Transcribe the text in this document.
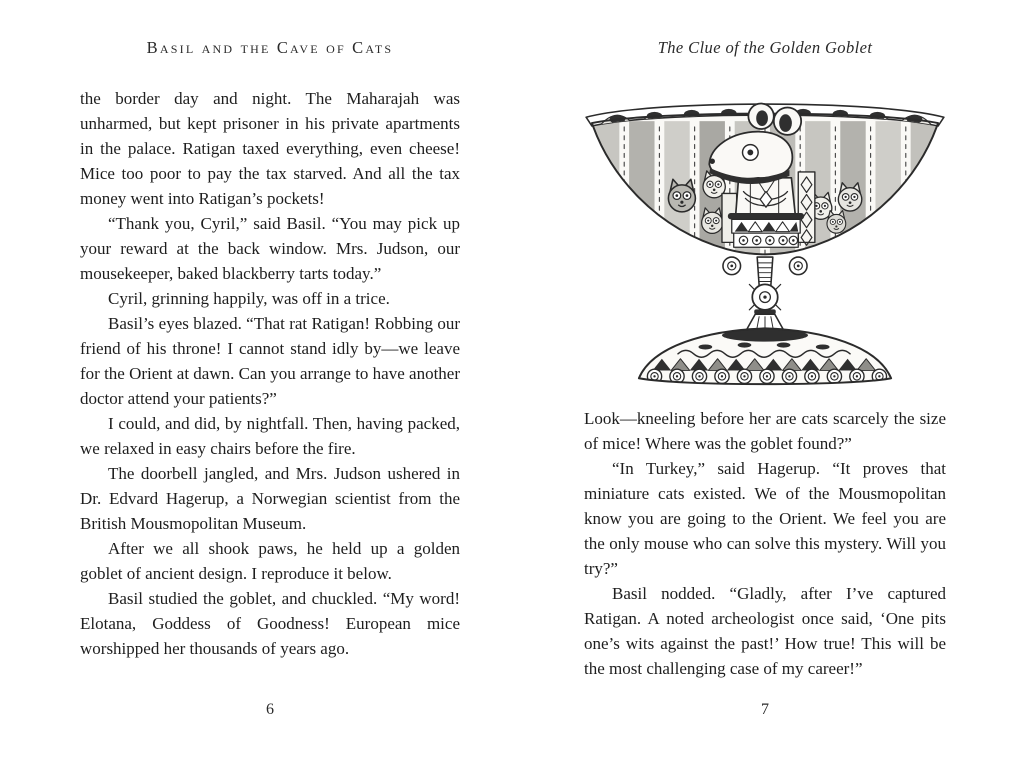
Basil and the Cave of Cats

the border day and night. The Maharajah was unharmed, but kept prisoner in his private apartments in the palace. Ratigan taxed everything, even cheese! Mice too poor to pay the tax starved. And all the tax money went into Ratigan’s pockets!

“Thank you, Cyril,” said Basil. “You may pick up your reward at the back window. Mrs. Judson, our mousekeeper, baked blackberry tarts today.”

Cyril, grinning happily, was off in a trice.

Basil’s eyes blazed. “That rat Ratigan! Robbing our friend of his throne! I cannot stand idly by—we leave for the Orient at dawn. Can you arrange to have another doctor attend your patients?”

I could, and did, by nightfall. Then, having packed, we relaxed in easy chairs before the fire.

The doorbell jangled, and Mrs. Judson ushered in Dr. Edvard Hagerup, a Norwegian scientist from the British Mousmopolitan Museum.

After we all shook paws, he held up a golden goblet of ancient design. I reproduce it below.

Basil studied the goblet, and chuckled. “My word! Elotana, Goddess of Goodness! European mice worshipped her thousands of years ago.

The Clue of the Golden Goblet

Look—kneeling before her are cats scarcely the size of mice! Where was the goblet found?”

“In Turkey,” said Hagerup. “It proves that miniature cats existed. We of the Mousmopolitan know you are going to the Orient. We feel you are the only mouse who can solve this mystery. Will you try?”

Basil nodded. “Gladly, after I’ve captured Ratigan. A noted archeologist once said, ‘One pits one’s wits against the past!’ How true! This will be the most challenging case of my career!”

6	7
